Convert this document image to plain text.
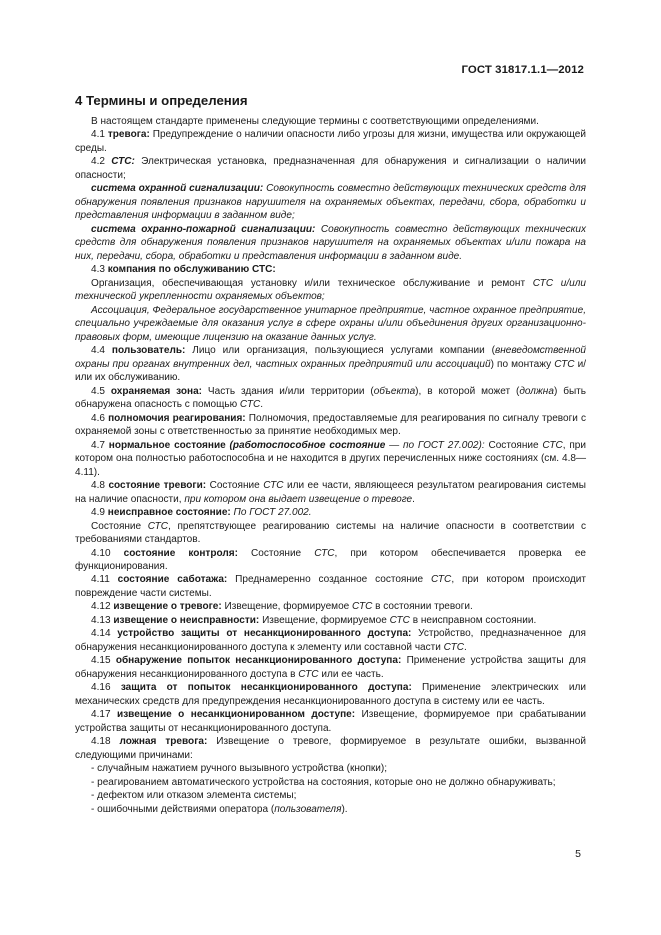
ГОСТ 31817.1.1—2012
4 Термины и определения

В настоящем стандарте применены следующие термины с соответствующими определениями.

4.1 тревога: Предупреждение о наличии опасности либо угрозы для жизни, имущества или окружающей среды.

4.2 СТС: Электрическая установка, предназначенная для обнаружения и сигнализации о наличии опасности;

система охранной сигнализации: Совокупность совместно действующих технических средств для обнаружения появления признаков нарушителя на охраняемых объектах, передачи, сбора, обработки и представления информации в заданном виде;

система охранно-пожарной сигнализации: Совокупность совместно действующих технических средств для обнаружения появления признаков нарушителя на охраняемых объектах и/или пожара на них, передачи, сбора, обработки и представления информации в заданном виде.

4.3 компания по обслуживанию СТС:

Организация, обеспечивающая установку и/или техническое обслуживание и ремонт СТС и/или технической укрепленности охраняемых объектов;

Ассоциация, Федеральное государственное унитарное предприятие, частное охранное предприятие, специально учреждаемые для оказания услуг в сфере охраны и/или объединения других организационно-правовых форм, имеющие лицензию на оказание данных услуг.

4.4 пользователь: Лицо или организация, пользующиеся услугами компании (вневедомственной охраны при органах внутренних дел, частных охранных предприятий или ассоциаций) по монтажу СТС и/или их обслуживанию.

4.5 охраняемая зона: Часть здания и/или территории (объекта), в которой может (должна) быть обнаружена опасность с помощью СТС.

4.6 полномочия реагирования: Полномочия, предоставляемые для реагирования по сигналу тревоги с охраняемой зоны с ответственностью за принятие необходимых мер.

4.7 нормальное состояние (работоспособное состояние — по ГОСТ 27.002): Состояние СТС, при котором она полностью работоспособна и не находится в других перечисленных ниже состояниях (см. 4.8—4.11).

4.8 состояние тревоги: Состояние СТС или ее части, являющееся результатом реагирования системы на наличие опасности, при котором она выдает извещение о тревоге.

4.9 неисправное состояние: По ГОСТ 27.002.

Состояние СТС, препятствующее реагированию системы на наличие опасности в соответствии с требованиями стандартов.

4.10 состояние контроля: Состояние СТС, при котором обеспечивается проверка ее функционирования.

4.11 состояние саботажа: Преднамеренно созданное состояние СТС, при котором происходит повреждение части системы.

4.12 извещение о тревоге: Извещение, формируемое СТС в состоянии тревоги.

4.13 извещение о неисправности: Извещение, формируемое СТС в неисправном состоянии.

4.14 устройство защиты от несанкционированного доступа: Устройство, предназначенное для обнаружения несанкционированного доступа к элементу или составной части СТС.

4.15 обнаружение попыток несанкционированного доступа: Применение устройства защиты для обнаружения несанкционированного доступа в СТС или ее часть.

4.16 защита от попыток несанкционированного доступа: Применение электрических или механических средств для предупреждения несанкционированного доступа в систему или ее часть.

4.17 извещение о несанкционированном доступе: Извещение, формируемое при срабатывании устройства защиты от несанкционированного доступа.

4.18 ложная тревога: Извещение о тревоге, формируемое в результате ошибки, вызванной следующими причинами:

- случайным нажатием ручного вызывного устройства (кнопки);

- реагированием автоматического устройства на состояния, которые оно не должно обнаруживать;

- дефектом или отказом элемента системы;

- ошибочными действиями оператора (пользователя).

5
